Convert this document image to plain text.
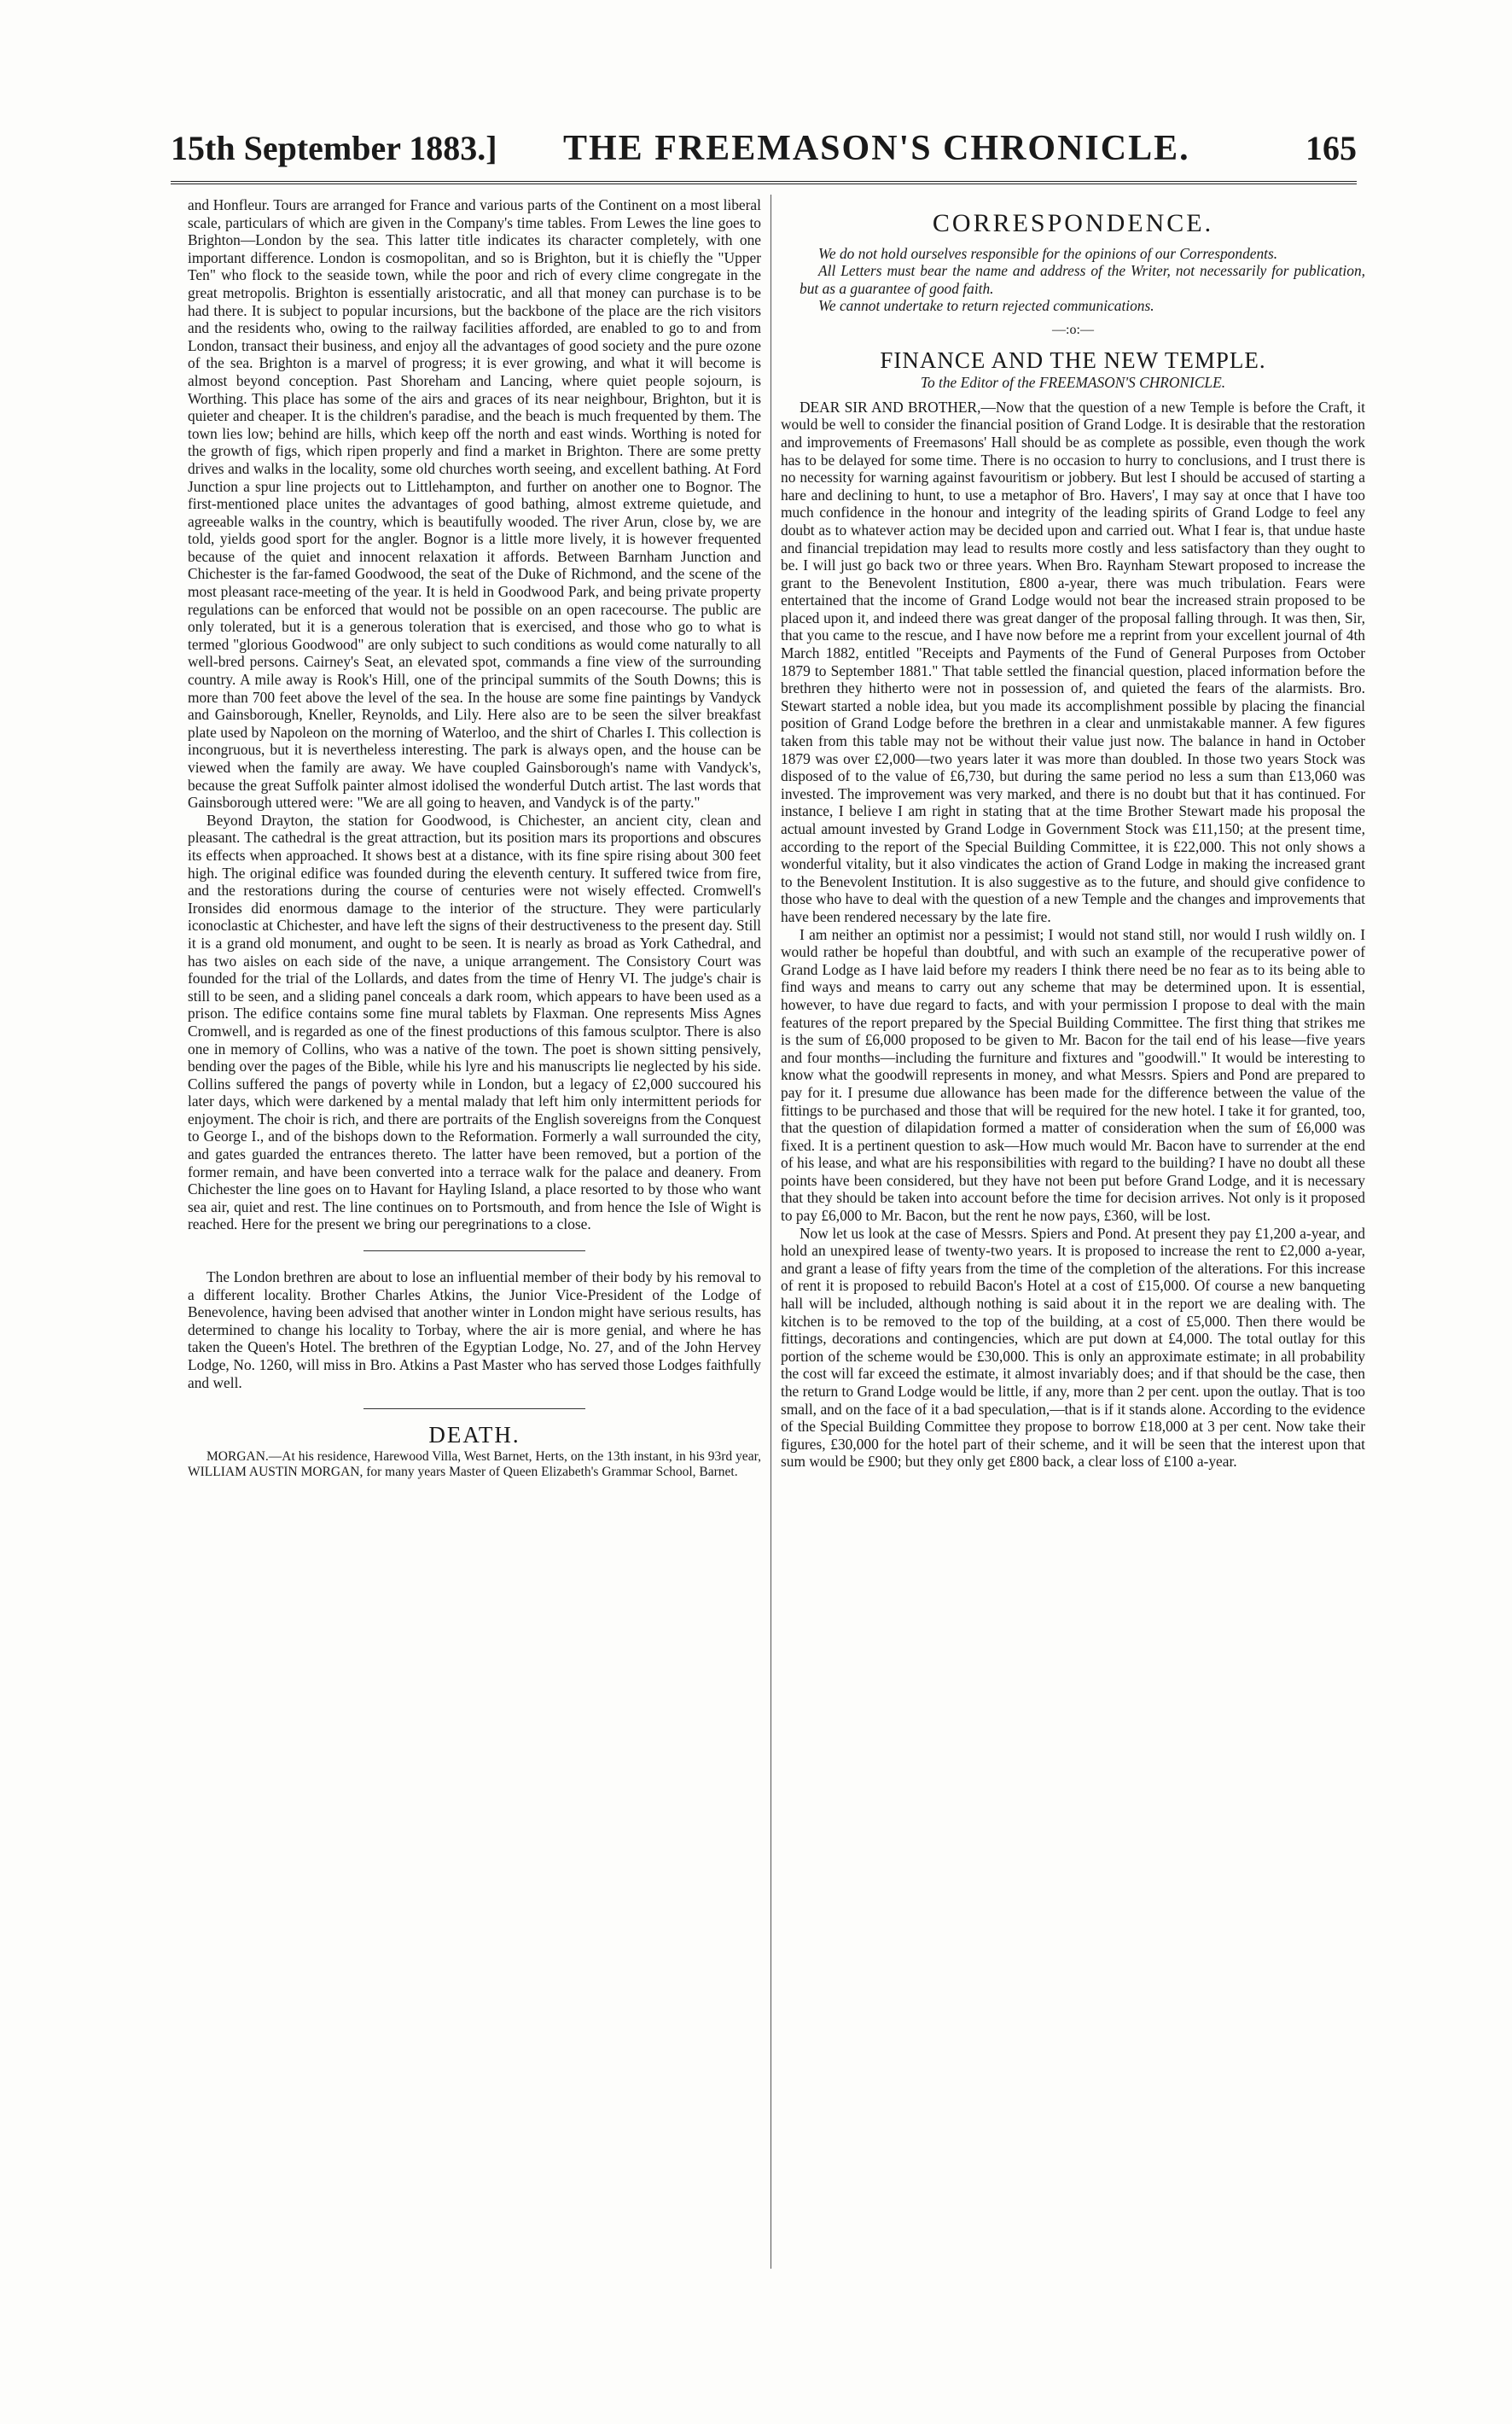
15th September 1883.] THE FREEMASON'S CHRONICLE.	165

and Honfleur. Tours are arranged for France and various parts of the Continent on a most liberal scale, particulars of which are given in the Company's time tables. From Lewes the line goes to Brighton—London by the sea. This latter title indicates its character completely, with one important difference. London is cosmopolitan, and so is Brighton, but it is chiefly the "Upper Ten" who flock to the seaside town, while the poor and rich of every clime congregate in the great metropolis. Brighton is essentially aristocratic, and all that money can purchase is to be had there. It is subject to popular incursions, but the backbone of the place are the rich visitors and the residents who, owing to the railway facilities afforded, are enabled to go to and from London, transact their business, and enjoy all the advantages of good society and the pure ozone of the sea. Brighton is a marvel of progress; it is ever growing, and what it will become is almost beyond conception. Past Shoreham and Lancing, where quiet people sojourn, is Worthing. This place has some of the airs and graces of its near neighbour, Brighton, but it is quieter and cheaper. It is the children's paradise, and the beach is much frequented by them. The town lies low; behind are hills, which keep off the north and east winds. Worthing is noted for the growth of figs, which ripen properly and find a market in Brighton. There are some pretty drives and walks in the locality, some old churches worth seeing, and excellent bathing. At Ford Junction a spur line projects out to Littlehampton, and further on another one to Bognor. The first-mentioned place unites the advantages of good bathing, almost extreme quietude, and agreeable walks in the country, which is beautifully wooded. The river Arun, close by, we are told, yields good sport for the angler. Bognor is a little more lively, it is however frequented because of the quiet and innocent relaxation it affords. Between Barnham Junction and Chichester is the far-famed Goodwood, the seat of the Duke of Richmond, and the scene of the most pleasant race-meeting of the year. It is held in Goodwood Park, and being private property regulations can be enforced that would not be possible on an open racecourse. The public are only tolerated, but it is a generous toleration that is exercised, and those who go to what is termed "glorious Goodwood" are only subject to such conditions as would come naturally to all well-bred persons. Cairney's Seat, an elevated spot, commands a fine view of the surrounding country. A mile away is Rook's Hill, one of the principal summits of the South Downs; this is more than 700 feet above the level of the sea. In the house are some fine paintings by Vandyck and Gainsborough, Kneller, Reynolds, and Lily. Here also are to be seen the silver breakfast plate used by Napoleon on the morning of Waterloo, and the shirt of Charles I. This collection is incongruous, but it is nevertheless interesting. The park is always open, and the house can be viewed when the family are away. We have coupled Gainsborough's name with Vandyck's, because the great Suffolk painter almost idolised the wonderful Dutch artist. The last words that Gainsborough uttered were: "We are all going to heaven, and Vandyck is of the party."

Beyond Drayton, the station for Goodwood, is Chichester, an ancient city, clean and pleasant. The cathedral is the great attraction, but its position mars its proportions and obscures its effects when approached. It shows best at a distance, with its fine spire rising about 300 feet high. The original edifice was founded during the eleventh century. It suffered twice from fire, and the restorations during the course of centuries were not wisely effected. Cromwell's Ironsides did enormous damage to the interior of the structure. They were particularly iconoclastic at Chichester, and have left the signs of their destructiveness to the present day. Still it is a grand old monument, and ought to be seen. It is nearly as broad as York Cathedral, and has two aisles on each side of the nave, a unique arrangement. The Consistory Court was founded for the trial of the Lollards, and dates from the time of Henry VI. The judge's chair is still to be seen, and a sliding panel conceals a dark room, which appears to have been used as a prison. The edifice contains some fine mural tablets by Flaxman. One represents Miss Agnes Cromwell, and is regarded as one of the finest productions of this famous sculptor. There is also one in memory of Collins, who was a native of the town. The poet is shown sitting pensively, bending over the pages of the Bible, while his lyre and his manuscripts lie neglected by his side. Collins suffered the pangs of poverty while in London, but a legacy of £2,000 succoured his later days, which were darkened by a mental malady that left him only intermittent periods for enjoyment. The choir is rich, and there are portraits of the English sovereigns from the Conquest to George I., and of the bishops down to the Reformation. Formerly a wall surrounded the city, and gates guarded the entrances thereto. The latter have been removed, but a portion of the former remain, and have been converted into a terrace walk for the palace and deanery. From Chichester the line goes on to Havant for Hayling Island, a place resorted to by those who want sea air, quiet and rest. The line continues on to Portsmouth, and from hence the Isle of Wight is reached. Here for the present we bring our peregrinations to a close.

The London brethren are about to lose an influential member of their body by his removal to a different locality. Brother Charles Atkins, the Junior Vice-President of the Lodge of Benevolence, having been advised that another winter in London might have serious results, has determined to change his locality to Torbay, where the air is more genial, and where he has taken the Queen's Hotel. The brethren of the Egyptian Lodge, No. 27, and of the John Hervey Lodge, No. 1260, will miss in Bro. Atkins a Past Master who has served those Lodges faithfully and well.

DEATH.

MORGAN.—At his residence, Harewood Villa, West Barnet, Herts, on the 13th instant, in his 93rd year, WILLIAM AUSTIN MORGAN, for many years Master of Queen Elizabeth's Grammar School, Barnet.

CORRESPONDENCE.

We do not hold ourselves responsible for the opinions of our Correspondents.

All Letters must bear the name and address of the Writer, not necessarily for publication, but as a guarantee of good faith.

We cannot undertake to return rejected communications.

—:o:—
FINANCE AND THE NEW TEMPLE.
To the Editor of the FREEMASON'S CHRONICLE.

DEAR SIR AND BROTHER,—Now that the question of a new Temple is before the Craft, it would be well to consider the financial position of Grand Lodge. It is desirable that the restoration and improvements of Freemasons' Hall should be as complete as possible, even though the work has to be delayed for some time. There is no occasion to hurry to conclusions, and I trust there is no necessity for warning against favouritism or jobbery. But lest I should be accused of starting a hare and declining to hunt, to use a metaphor of Bro. Havers', I may say at once that I have too much confidence in the honour and integrity of the leading spirits of Grand Lodge to feel any doubt as to whatever action may be decided upon and carried out. What I fear is, that undue haste and financial trepidation may lead to results more costly and less satisfactory than they ought to be. I will just go back two or three years. When Bro. Raynham Stewart proposed to increase the grant to the Benevolent Institution, £800 a-year, there was much tribulation. Fears were entertained that the income of Grand Lodge would not bear the increased strain proposed to be placed upon it, and indeed there was great danger of the proposal falling through. It was then, Sir, that you came to the rescue, and I have now before me a reprint from your excellent journal of 4th March 1882, entitled "Receipts and Payments of the Fund of General Purposes from October 1879 to September 1881." That table settled the financial question, placed information before the brethren they hitherto were not in possession of, and quieted the fears of the alarmists. Bro. Stewart started a noble idea, but you made its accomplishment possible by placing the financial position of Grand Lodge before the brethren in a clear and unmistakable manner. A few figures taken from this table may not be without their value just now. The balance in hand in October 1879 was over £2,000—two years later it was more than doubled. In those two years Stock was disposed of to the value of £6,730, but during the same period no less a sum than £13,060 was invested. The improvement was very marked, and there is no doubt but that it has continued. For instance, I believe I am right in stating that at the time Brother Stewart made his proposal the actual amount invested by Grand Lodge in Government Stock was £11,150; at the present time, according to the report of the Special Building Committee, it is £22,000. This not only shows a wonderful vitality, but it also vindicates the action of Grand Lodge in making the increased grant to the Benevolent Institution. It is also suggestive as to the future, and should give confidence to those who have to deal with the question of a new Temple and the changes and improvements that have been rendered necessary by the late fire.

I am neither an optimist nor a pessimist; I would not stand still, nor would I rush wildly on. I would rather be hopeful than doubtful, and with such an example of the recuperative power of Grand Lodge as I have laid before my readers I think there need be no fear as to its being able to find ways and means to carry out any scheme that may be determined upon. It is essential, however, to have due regard to facts, and with your permission I propose to deal with the main features of the report prepared by the Special Building Committee. The first thing that strikes me is the sum of £6,000 proposed to be given to Mr. Bacon for the tail end of his lease—five years and four months—including the furniture and fixtures and "goodwill." It would be interesting to know what the goodwill represents in money, and what Messrs. Spiers and Pond are prepared to pay for it. I presume due allowance has been made for the difference between the value of the fittings to be purchased and those that will be required for the new hotel. I take it for granted, too, that the question of dilapidation formed a matter of consideration when the sum of £6,000 was fixed. It is a pertinent question to ask—How much would Mr. Bacon have to surrender at the end of his lease, and what are his responsibilities with regard to the building? I have no doubt all these points have been considered, but they have not been put before Grand Lodge, and it is necessary that they should be taken into account before the time for decision arrives. Not only is it proposed to pay £6,000 to Mr. Bacon, but the rent he now pays, £360, will be lost.

Now let us look at the case of Messrs. Spiers and Pond. At present they pay £1,200 a-year, and hold an unexpired lease of twenty-two years. It is proposed to increase the rent to £2,000 a-year, and grant a lease of fifty years from the time of the completion of the alterations. For this increase of rent it is proposed to rebuild Bacon's Hotel at a cost of £15,000. Of course a new banqueting hall will be included, although nothing is said about it in the report we are dealing with. The kitchen is to be removed to the top of the building, at a cost of £5,000. Then there would be fittings, decorations and contingencies, which are put down at £4,000. The total outlay for this portion of the scheme would be £30,000. This is only an approximate estimate; in all probability the cost will far exceed the estimate, it almost invariably does; and if that should be the case, then the return to Grand Lodge would be little, if any, more than 2 per cent. upon the outlay. That is too small, and on the face of it a bad speculation,—that is if it stands alone. According to the evidence of the Special Building Committee they propose to borrow £18,000 at 3 per cent. Now take their figures, £30,000 for the hotel part of their scheme, and it will be seen that the interest upon that sum would be £900; but they only get £800 back, a clear loss of £100 a-year.
